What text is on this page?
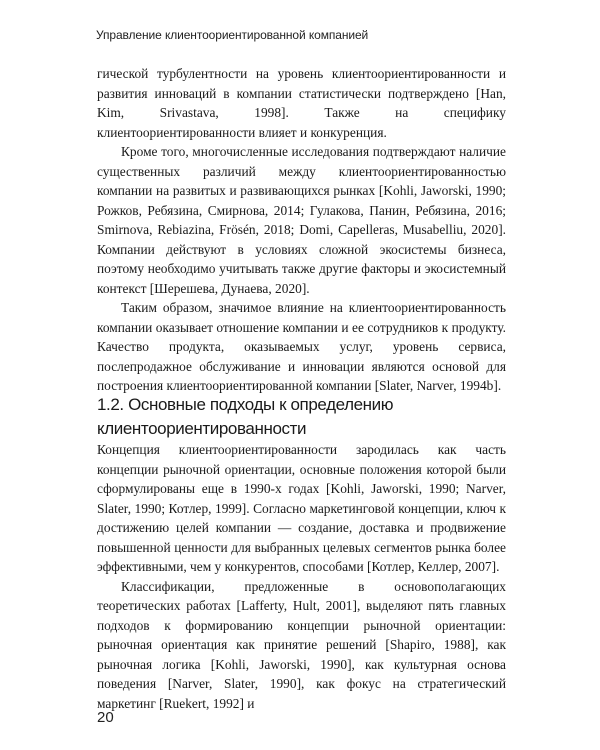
Управление клиентоориентированной компанией

гической турбулентности на уровень клиентоориентированности и развития инноваций в компании статистически подтверждено [Han, Kim, Srivastava, 1998]. Также на специфику клиентоориентированности влияет и конкуренция.

Кроме того, многочисленные исследования подтверждают наличие существенных различий между клиентоориентированностью компании на развитых и развивающихся рынках [Kohli, Jaworski, 1990; Рожков, Ребязина, Смирнова, 2014; Гулакова, Панин, Ребязина, 2016; Smirnova, Rebiazina, Frösén, 2018; Domi, Capelleras, Musabelliu, 2020]. Компании действуют в условиях сложной экосистемы бизнеса, поэтому необходимо учитывать также другие факторы и экосистемный контекст [Шерешева, Дунаева, 2020].

Таким образом, значимое влияние на клиентоориентированность компании оказывает отношение компании и ее сотрудников к продукту. Качество продукта, оказываемых услуг, уровень сервиса, послепродажное обслуживание и инновации являются основой для построения клиентоориентированной компании [Slater, Narver, 1994b].

1.2. Основные подходы к определению клиентоориентированности

Концепция клиентоориентированности зародилась как часть концепции рыночной ориентации, основные положения которой были сформулированы еще в 1990-х годах [Kohli, Jaworski, 1990; Narver, Slater, 1990; Котлер, 1999]. Согласно маркетинговой концепции, ключ к достижению целей компании — создание, доставка и продвижение повышенной ценности для выбранных целевых сегментов рынка более эффективными, чем у конкурентов, способами [Котлер, Келлер, 2007].

Классификации, предложенные в основополагающих теоретических работах [Lafferty, Hult, 2001], выделяют пять главных подходов к формированию концепции рыночной ориентации: рыночная ориентация как принятие решений [Shapiro, 1988], как рыночная логика [Kohli, Jaworski, 1990], как культурная основа поведения [Narver, Slater, 1990], как фокус на стратегический маркетинг [Ruekert, 1992] и

20
